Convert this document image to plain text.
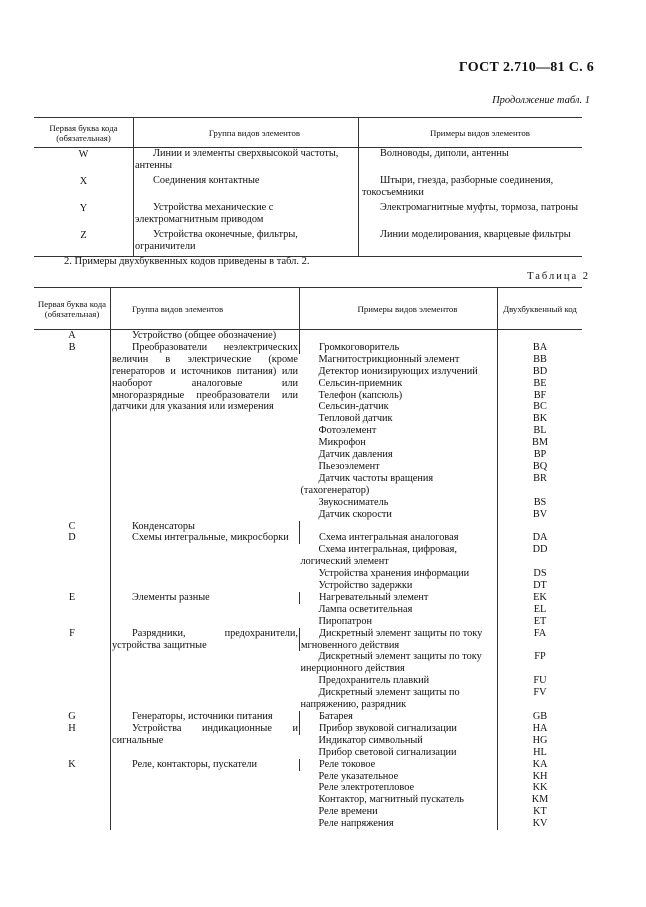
ГОСТ 2.710—81 С. 6
Продолжение табл. 1
Первая буква кода (обязательная)	Группа видов элементов	Примеры видов элементов
W	Линии и элементы сверхвысокой частоты, антенны	Волноводы, диполи, антенны
X	Соединения контактные	Штыри, гнезда, разборные соединения, токосъемники
Y	Устройства механические с электромагнитным приводом	Электромагнитные муфты, тормоза, патроны
Z	Устройства оконечные, фильтры, ограничители	Линии моделирования, кварцевые фильтры
2. Примеры двухбуквенных кодов приведены в табл. 2.
Таблица 2
Первая буква кода (обязательная)	Группа видов элементов	Примеры видов элементов	Двухбуквенный код
A	Устройство (общее обозначение)		
B	Преобразователи неэлектрических величин в электрические (кроме генераторов и источников питания) или наоборот аналоговые или многоразрядные преобразователи или датчики для указания или измерения	Громкоговоритель	BA
		Магнитострикционный элемент	BB
		Детектор ионизирующих излучений	BD
		Сельсин-приемник	BE
		Телефон (капсюль)	BF
		Сельсин-датчик	BC
		Тепловой датчик	BK
		Фотоэлемент	BL
		Микрофон	BM
		Датчик давления	BP
		Пьезоэлемент	BQ
		Датчик частоты вращения (тахогенератор)	BR
		Звукосниматель	BS
		Датчик скорости	BV
C	Конденсаторы		
D	Схемы интегральные, микросборки	Схема интегральная аналоговая	DA
		Схема интегральная, цифровая, логический элемент	DD
		Устройства хранения информации	DS
		Устройство задержки	DT
E	Элементы разные	Нагревательный элемент	EK
		Лампа осветительная	EL
		Пиропатрон	ET
F	Разрядники, предохранители, устройства защитные	Дискретный элемент защиты по току мгновенного действия	FA
		Дискретный элемент защиты по току инерционного действия	FP
		Предохранитель плавкий	FU
		Дискретный элемент защиты по напряжению, разрядник	FV
G	Генераторы, источники питания	Батарея	GB
H	Устройства индикационные и сигнальные	Прибор звуковой сигнализации	HA
		Индикатор символьный	HG
		Прибор световой сигнализации	HL
K	Реле, контакторы, пускатели	Реле токовое	KA
		Реле указательное	KH
		Реле электротепловое	KK
		Контактор, магнитный пускатель	KM
		Реле времени	KT
		Реле напряжения	KV
